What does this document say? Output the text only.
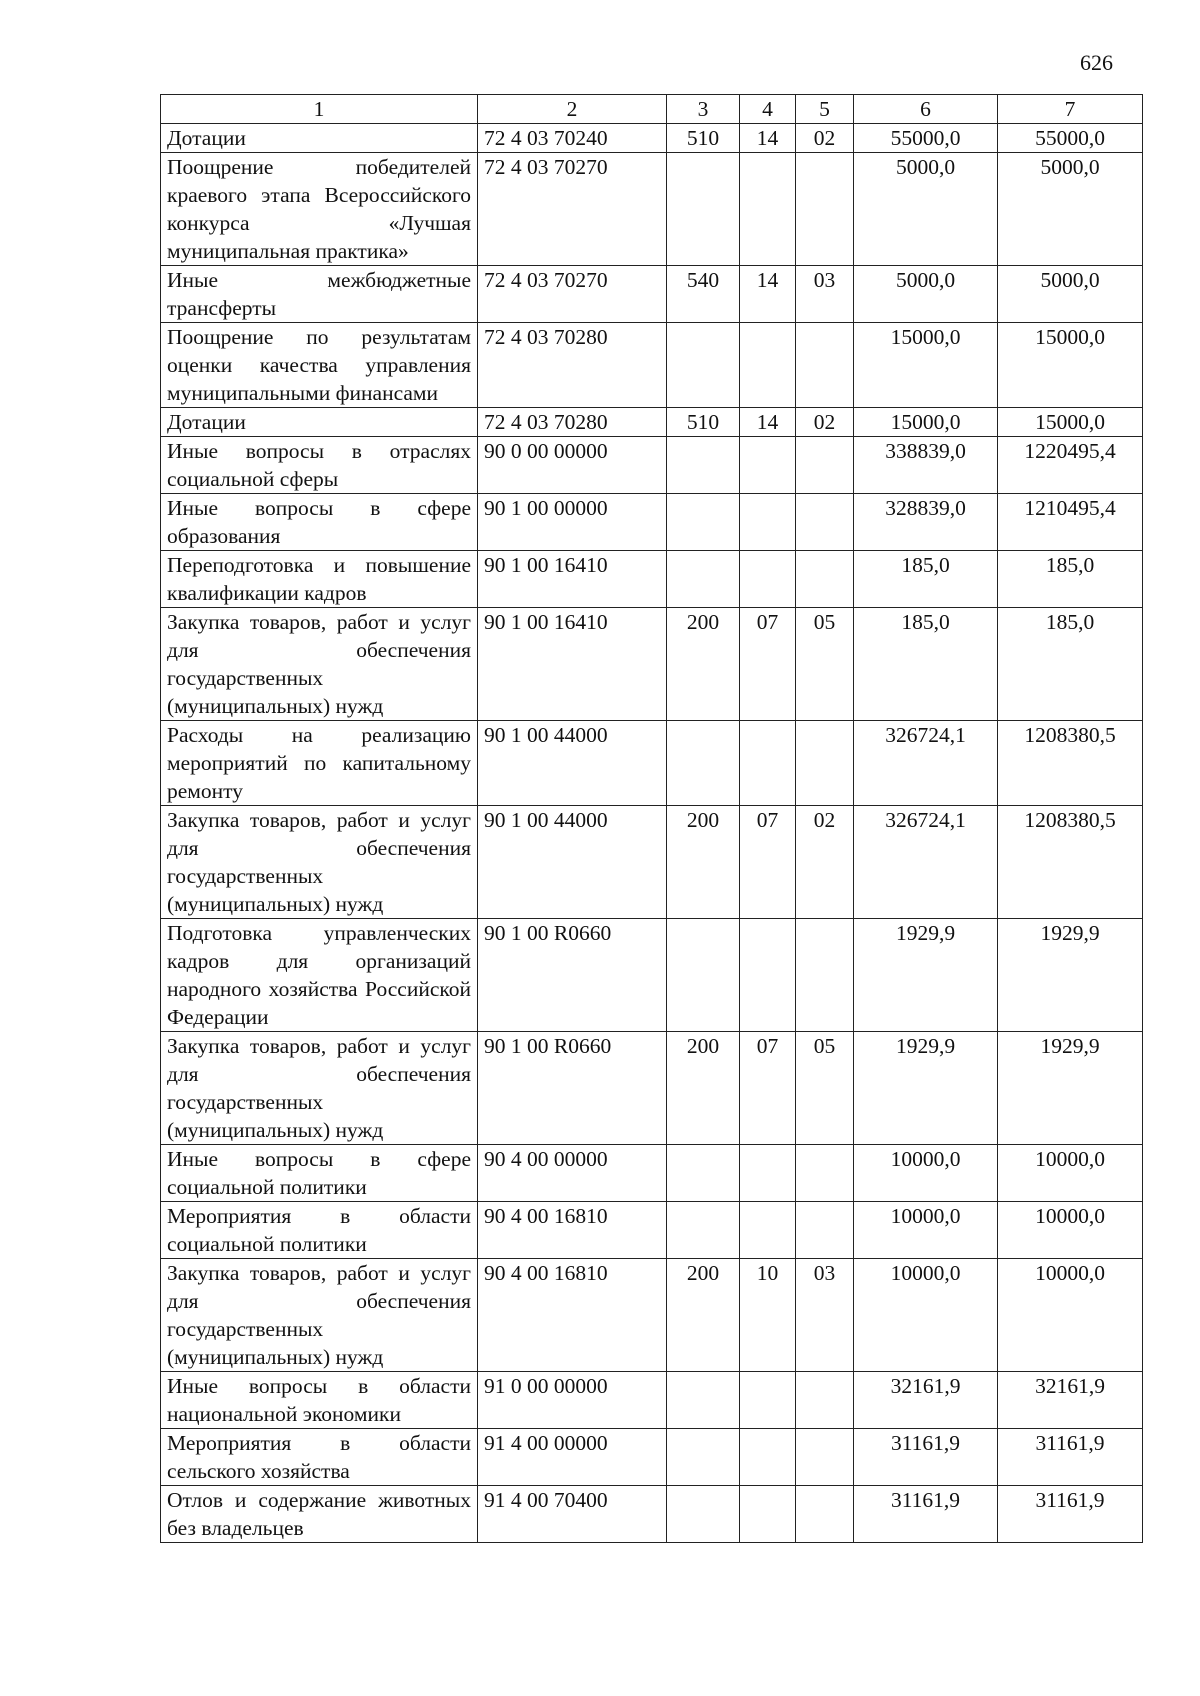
626
1	2	3	4	5	6	7
Дотации	72 4 03 70240	510	14	02	55000,0	55000,0
Поощрение победителей краевого этапа Всероссийского конкурса «Лучшая муниципальная практика»	72 4 03 70270				5000,0	5000,0
Иные межбюджетные трансферты	72 4 03 70270	540	14	03	5000,0	5000,0
Поощрение по результатам оценки качества управления муниципальными финансами	72 4 03 70280				15000,0	15000,0
Дотации	72 4 03 70280	510	14	02	15000,0	15000,0
Иные вопросы в отраслях социальной сферы	90 0 00 00000				338839,0	1220495,4
Иные вопросы в сфере образования	90 1 00 00000				328839,0	1210495,4
Переподготовка и повышение квалификации кадров	90 1 00 16410				185,0	185,0
Закупка товаров, работ и услуг для обеспечения государственных (муниципальных) нужд	90 1 00 16410	200	07	05	185,0	185,0
Расходы на реализацию мероприятий по капитальному ремонту	90 1 00 44000				326724,1	1208380,5
Закупка товаров, работ и услуг для обеспечения государственных (муниципальных) нужд	90 1 00 44000	200	07	02	326724,1	1208380,5
Подготовка управленческих кадров для организаций народного хозяйства Российской Федерации	90 1 00 R0660				1929,9	1929,9
Закупка товаров, работ и услуг для обеспечения государственных (муниципальных) нужд	90 1 00 R0660	200	07	05	1929,9	1929,9
Иные вопросы в сфере социальной политики	90 4 00 00000				10000,0	10000,0
Мероприятия в области социальной политики	90 4 00 16810				10000,0	10000,0
Закупка товаров, работ и услуг для обеспечения государственных (муниципальных) нужд	90 4 00 16810	200	10	03	10000,0	10000,0
Иные вопросы в области национальной экономики	91 0 00 00000				32161,9	32161,9
Мероприятия в области сельского хозяйства	91 4 00 00000				31161,9	31161,9
Отлов и содержание животных без владельцев	91 4 00 70400				31161,9	31161,9
